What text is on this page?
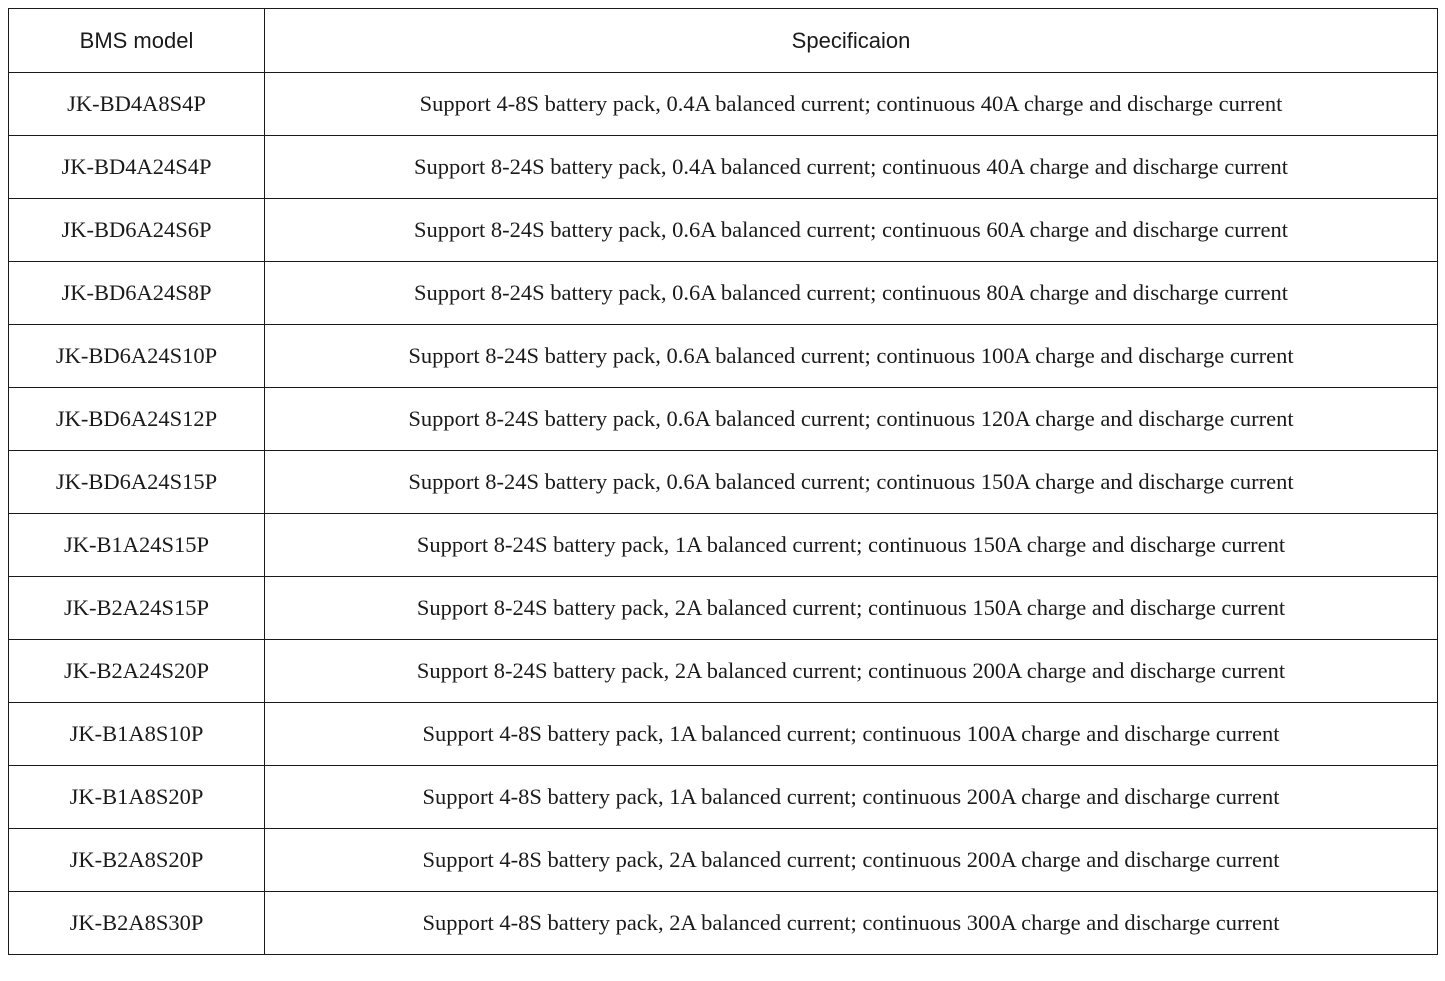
BMS model	Specificaion
JK-BD4A8S4P	Support 4-8S battery pack, 0.4A balanced current; continuous 40A charge and discharge current
JK-BD4A24S4P	Support 8-24S battery pack, 0.4A balanced current; continuous 40A charge and discharge current
JK-BD6A24S6P	Support 8-24S battery pack, 0.6A balanced current; continuous 60A charge and discharge current
JK-BD6A24S8P	Support 8-24S battery pack, 0.6A balanced current; continuous 80A charge and discharge current
JK-BD6A24S10P	Support 8-24S battery pack, 0.6A balanced current; continuous 100A charge and discharge current
JK-BD6A24S12P	Support 8-24S battery pack, 0.6A balanced current; continuous 120A charge and discharge current
JK-BD6A24S15P	Support 8-24S battery pack, 0.6A balanced current; continuous 150A charge and discharge current
JK-B1A24S15P	Support 8-24S battery pack, 1A balanced current; continuous 150A charge and discharge current
JK-B2A24S15P	Support 8-24S battery pack, 2A balanced current; continuous 150A charge and discharge current
JK-B2A24S20P	Support 8-24S battery pack, 2A balanced current; continuous 200A charge and discharge current
JK-B1A8S10P	Support 4-8S battery pack, 1A balanced current; continuous 100A charge and discharge current
JK-B1A8S20P	Support 4-8S battery pack, 1A balanced current; continuous 200A charge and discharge current
JK-B2A8S20P	Support 4-8S battery pack, 2A balanced current; continuous 200A charge and discharge current
JK-B2A8S30P	Support 4-8S battery pack, 2A balanced current; continuous 300A charge and discharge current
